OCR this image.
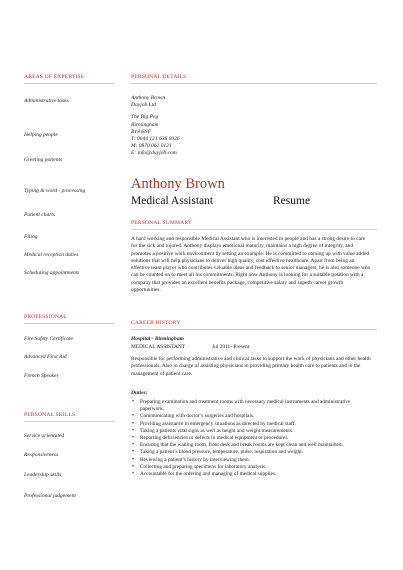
AREAS OF EXPERTISE
Administrative tasks
Helping people
Greeting patients
Typing & word - processing
Patient charts
Filing
Medical reception duties
Scheduling appointments
PROFESSIONAL
Fire Safety Certificate
Advanced First Aid
French Speaker
PERSONAL SKILLS
Service orientated
Responsiveness
Leadership skills
Professional judgement
PERSONAL DETAILS
Anthony Brown
Dayjob Ltd
The Big Peg
Birmingham
B18 6NF
T: 0044 121 638 0026
M: 0870 061 0121
E: info@dayjob.com
Anthony Brown
Medical Assistant	Resume
PERSONAL SUMMARY
A hard working and responsible Medical Assistant who is interested in people and has a strong desire to care for the sick and injured. Anthony displays emotional maturity, maintains a high degree of integrity, and promotes a positive work environment by setting an example. He is committed to coming up with value added solutions that will help physicians to deliver high quality, cost effective healthcare. Apart from being an effective team player who contributes valuable ideas and feedback to senior managers, he is also someone who can be counted on to meet all his commitments. Right now Anthony is looking for a suitable position with a company that provides an excellent benefits package, competitive salary and superb career growth opportunities.
CAREER HISTORY
Hospital - Birmingham
MEDICAL ASSISTANT	Jul 2011- Present
Responsible for performing administrative and clinical tasks to support the work of physicians and other health professionals. Also in charge of assisting physicians in providing primary health care to patients and in the management of patient care.
Duties:
• Preparing examination and treatment rooms with necessary medical instruments and administrative paperwork.
• Communicating with doctor’s surgeries and hospitals.
• Providing assistance in emergency situations as directed by medical staff.
• Taking a patients vital signs as well as height and weight measurements.
• Reporting deficiencies or defects in medical equipment or procedures.
• Ensuring that the waiting room, front desk and break rooms are kept clean and well maintained.
• Taking a patient’s blood pressure, temperature, pulse, respiration and weight.
• Reviewing a patient’s history by interviewing them.
• Collecting and preparing specimens for laboratory analysis.
• Accountable for the ordering and managing of medical supplies.
